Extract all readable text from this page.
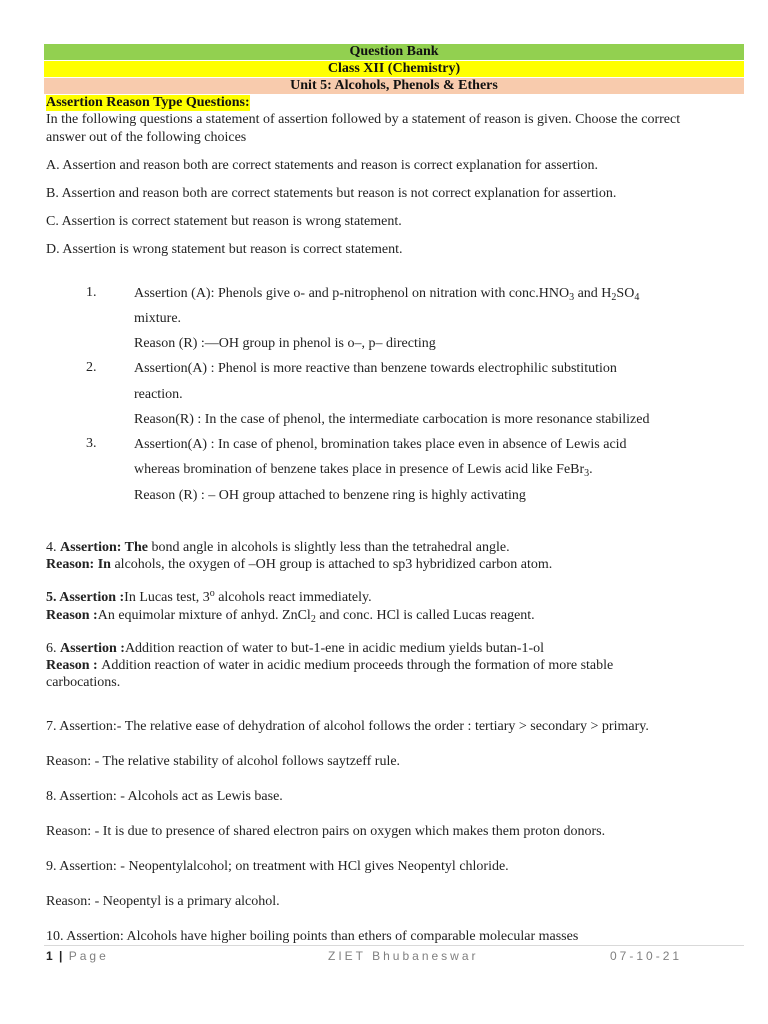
Question Bank
Class XII (Chemistry)
Unit 5: Alcohols, Phenols & Ethers
Assertion Reason Type Questions:
In the following questions a statement of assertion followed by a statement of reason is given. Choose the correct
answer out of the following choices
A. Assertion and reason both are correct statements and reason is correct explanation for assertion.
B. Assertion and reason both are correct statements but reason is not correct explanation for assertion.
C. Assertion is correct statement but reason is wrong statement.
D. Assertion is wrong statement but reason is correct statement.
1.	Assertion (A): Phenols give o- and p-nitrophenol on nitration with $conc.HNO_3$ and $H_2SO_4$
mixture.
Reason (R) :—OH group in phenol is o–, p– directing
2.	Assertion(A) : Phenol is more reactive than benzene towards electrophilic substitution
reaction.
Reason(R) : In the case of phenol, the intermediate carbocation is more resonance stabilized
3.	Assertion(A) : In case of phenol, bromination takes place even in absence of Lewis acid
whereas bromination of benzene takes place in presence of Lewis acid like FeBr$_3$.
Reason (R) : – OH group attached to benzene ring is highly activating
4. Assertion: The bond angle in alcohols is slightly less than the tetrahedral angle.
Reason: In alcohols, the oxygen of –OH group is attached to sp3 hybridized carbon atom.
5. Assertion :In Lucas test, 3$^o$ alcohols react immediately.
Reason :An equimolar mixture of anhyd. ZnCl$_2$ and conc. HCl is called Lucas reagent.
6. Assertion :Addition reaction of water to but-1-ene in acidic medium yields butan-1-ol
Reason : Addition reaction of water in acidic medium proceeds through the formation of more stable
carbocations.
7. Assertion:- The relative ease of dehydration of alcohol follows the order : tertiary > secondary > primary.
Reason: - The relative stability of alcohol follows saytzeff rule.
8. Assertion: - Alcohols act as Lewis base.
Reason: - It is due to presence of shared electron pairs on oxygen which makes them proton donors.
9. Assertion: - Neopentylalcohol; on treatment with HCl gives Neopentyl chloride.
Reason: - Neopentyl is a primary alcohol.
10. Assertion: Alcohols have higher boiling points than ethers of comparable molecular masses
1 | Page	ZIET Bhubaneswar	07-10-21
